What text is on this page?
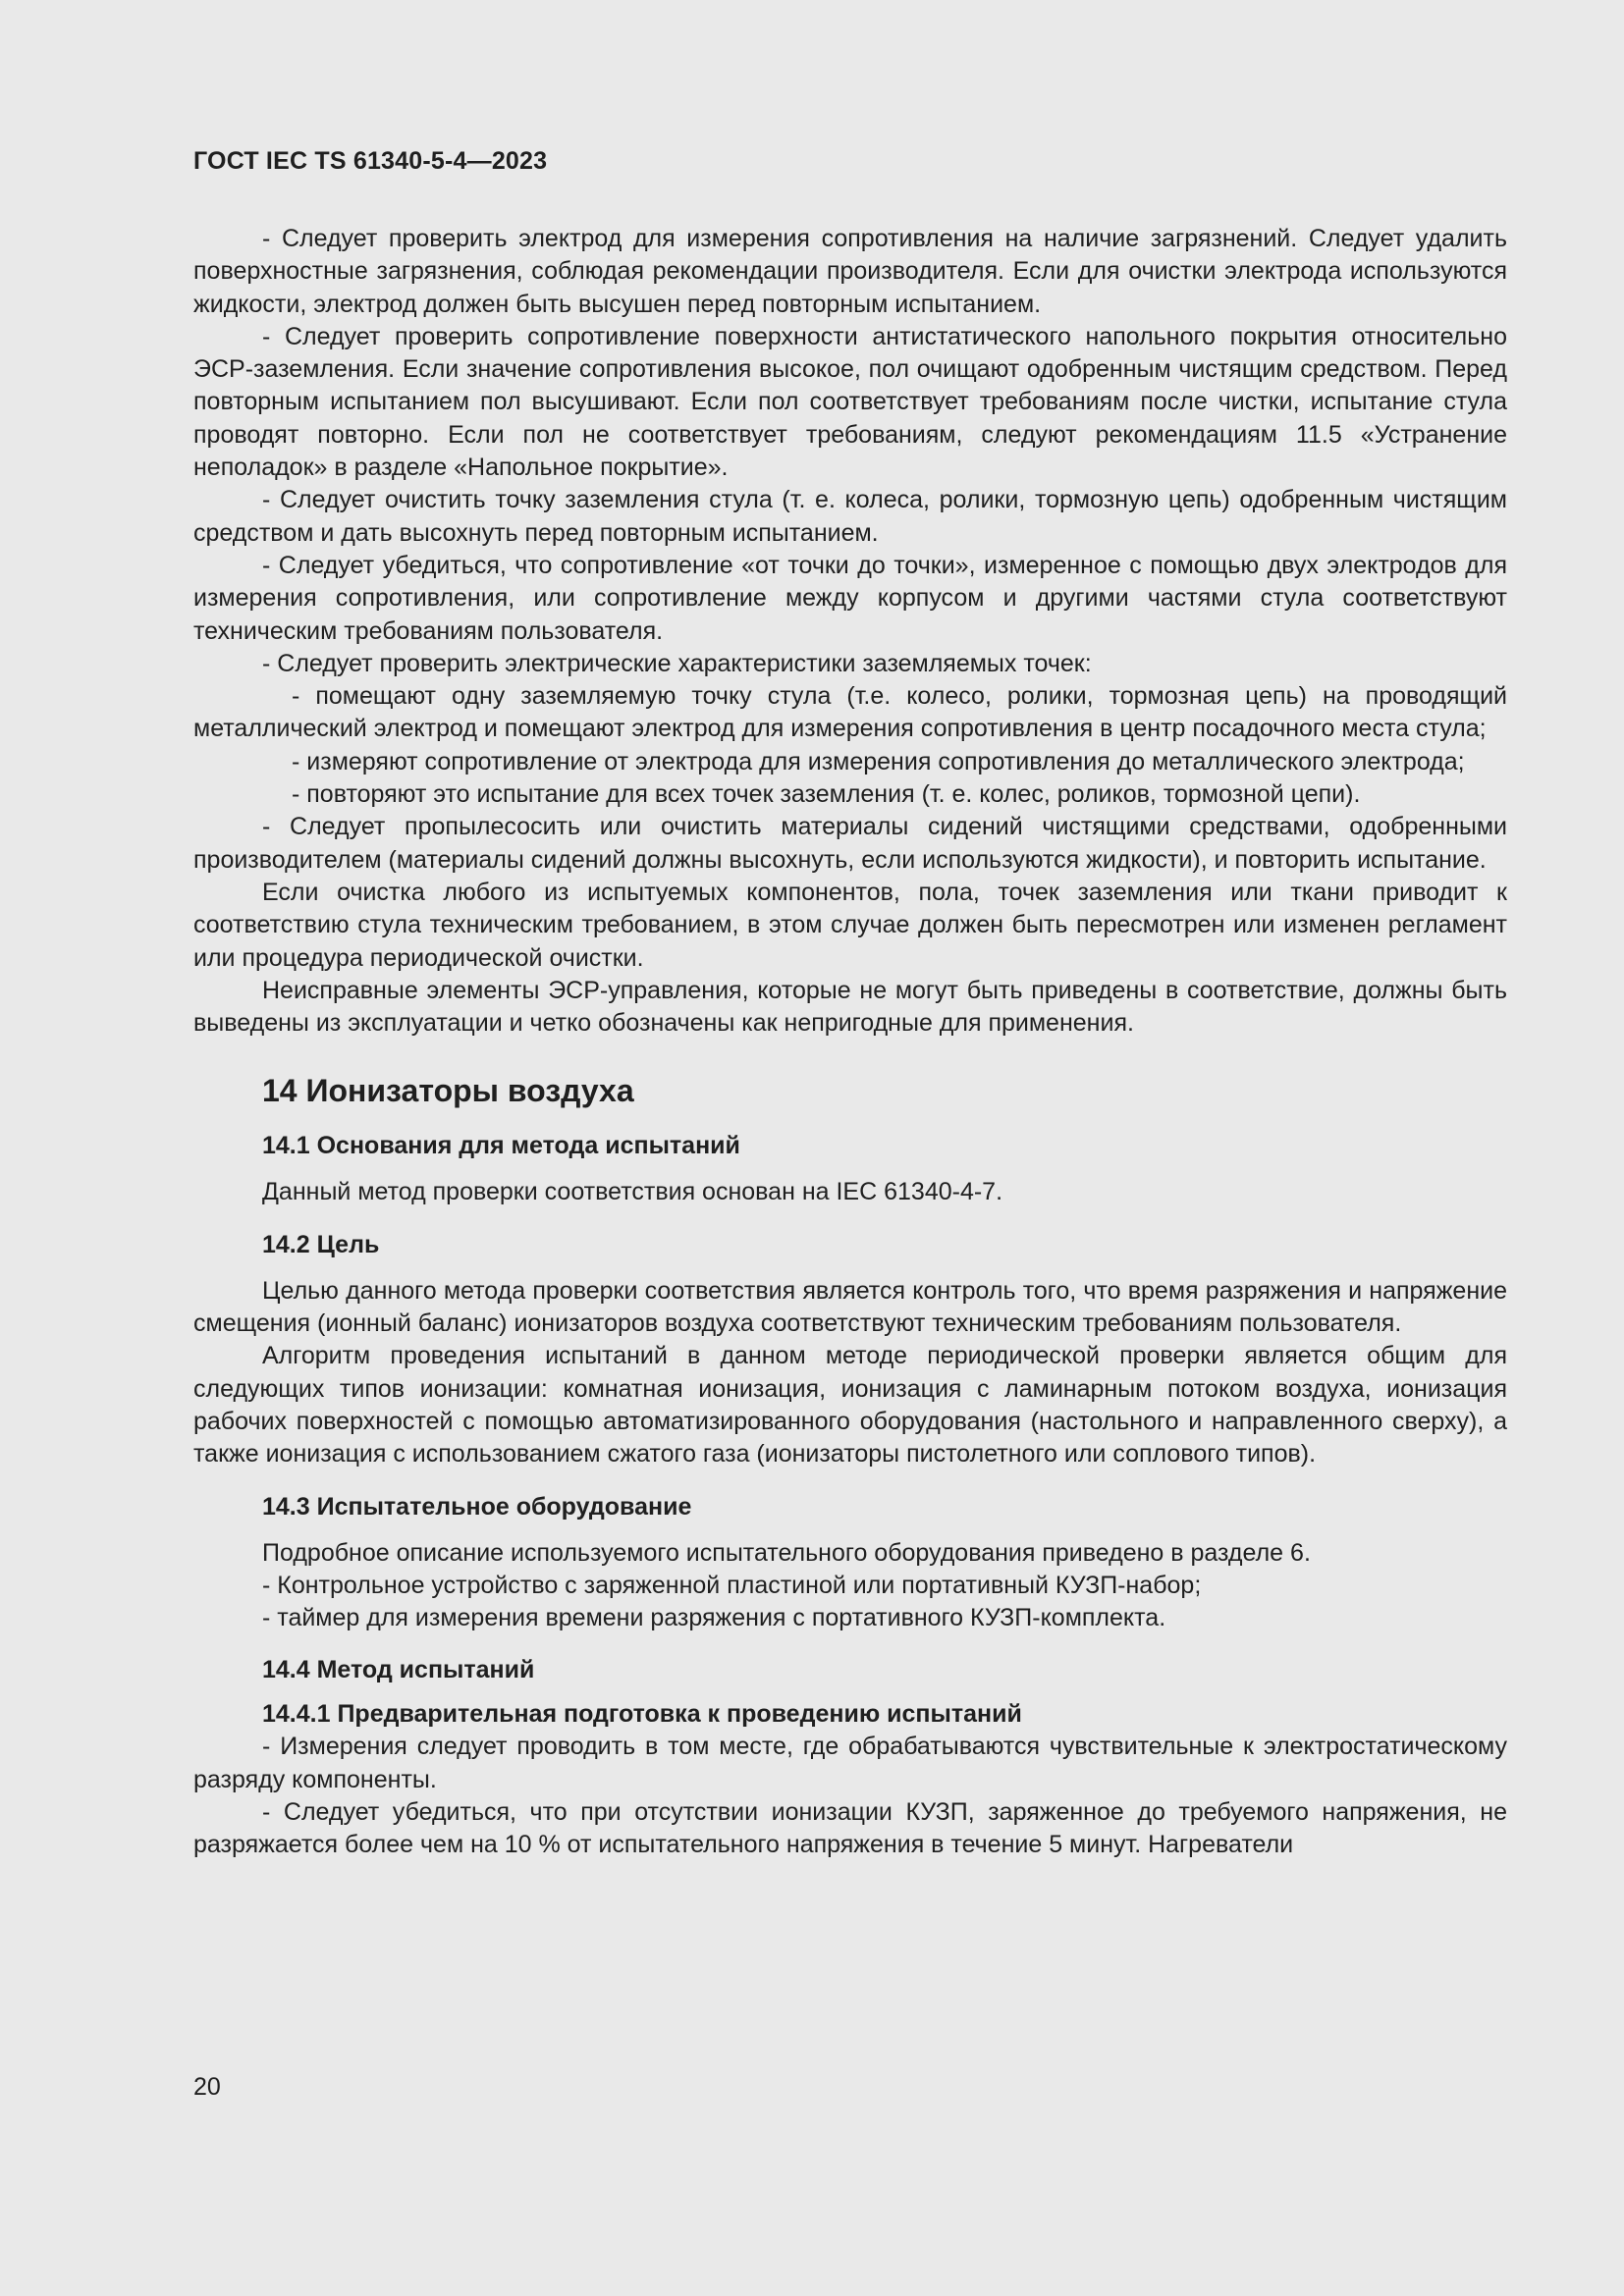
ГОСТ IEC TS 61340-5-4—2023

- Следует проверить электрод для измерения сопротивления на наличие загрязнений. Следует удалить поверхностные загрязнения, соблюдая рекомендации производителя. Если для очистки электрода используются жидкости, электрод должен быть высушен перед повторным испытанием.

- Следует проверить сопротивление поверхности антистатического напольного покрытия относительно ЭСР-заземления. Если значение сопротивления высокое, пол очищают одобренным чистящим средством. Перед повторным испытанием пол высушивают. Если пол соответствует требованиям после чистки, испытание стула проводят повторно. Если пол не соответствует требованиям, следуют рекомендациям 11.5 «Устранение неполадок» в разделе «Напольное покрытие».

- Следует очистить точку заземления стула (т. е. колеса, ролики, тормозную цепь) одобренным чистящим средством и дать высохнуть перед повторным испытанием.

- Следует убедиться, что сопротивление «от точки до точки», измеренное с помощью двух электродов для измерения сопротивления, или сопротивление между корпусом и другими частями стула соответствуют техническим требованиям пользователя.

- Следует проверить электрические характеристики заземляемых точек:

- помещают одну заземляемую точку стула (т.е. колесо, ролики, тормозная цепь) на проводящий металлический электрод и помещают электрод для измерения сопротивления в центр посадочного места стула;

- измеряют сопротивление от электрода для измерения сопротивления до металлического электрода;

- повторяют это испытание для всех точек заземления (т. е. колес, роликов, тормозной цепи).

- Следует пропылесосить или очистить материалы сидений чистящими средствами, одобренными производителем (материалы сидений должны высохнуть, если используются жидкости), и повторить испытание.

Если очистка любого из испытуемых компонентов, пола, точек заземления или ткани приводит к соответствию стула техническим требованием, в этом случае должен быть пересмотрен или изменен регламент или процедура периодической очистки.

Неисправные элементы ЭСР-управления, которые не могут быть приведены в соответствие, должны быть выведены из эксплуатации и четко обозначены как непригодные для применения.

14 Ионизаторы воздуха
14.1 Основания для метода испытаний

Данный метод проверки соответствия основан на IEC 61340-4-7.

14.2 Цель

Целью данного метода проверки соответствия является контроль того, что время разряжения и напряжение смещения (ионный баланс) ионизаторов воздуха соответствуют техническим требованиям пользователя.

Алгоритм проведения испытаний в данном методе периодической проверки является общим для следующих типов ионизации: комнатная ионизация, ионизация с ламинарным потоком воздуха, ионизация рабочих поверхностей с помощью автоматизированного оборудования (настольного и направленного сверху), а также ионизация с использованием сжатого газа (ионизаторы пистолетного или соплового типов).

14.3 Испытательное оборудование

Подробное описание используемого испытательного оборудования приведено в разделе 6.

- Контрольное устройство с заряженной пластиной или портативный КУЗП-набор;

- таймер для измерения времени разряжения с портативного КУЗП-комплекта.

14.4 Метод испытаний
14.4.1 Предварительная подготовка к проведению испытаний

- Измерения следует проводить в том месте, где обрабатываются чувствительные к электростатическому разряду компоненты.

- Следует убедиться, что при отсутствии ионизации КУЗП, заряженное до требуемого напряжения, не разряжается более чем на 10 % от испытательного напряжения в течение 5 минут. Нагреватели

20
